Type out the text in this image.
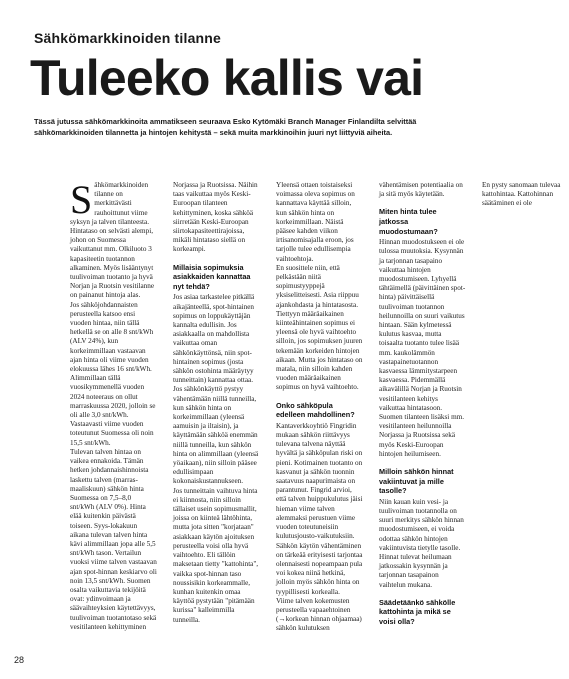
Sähkömarkkinoiden tilanne

Tuleeko kallis vai

Tässä jutussa sähkömarkkinoita ammatikseen seuraava Esko Kytömäki Branch Manager Finlandilta selvittää sähkömarkkinoiden tilannetta ja hintojen kehitystä – sekä muita markkinoihin juuri nyt liittyviä aiheita.

Sähkömarkkinoiden tilanne on merkittävästi rauhoittunut viime syksyn ja talven tilanteesta. Hintataso on selvästi alempi, johon on Suomessa vaikuttanut mm. Olkiluoto 3 kapasiteetin tuotannon alkaminen. Myös lisääntynyt tuulivoiman tuotanto ja hyvä Norjan ja Ruotsin vesitilanne on painanut hintoja alas.

Jos sähköjohdannaisten perusteella katsoo ensi vuoden hintaa, niin tällä hetkellä se on alle 8 snt/kWh (ALV 24%), kun korkeimmillaan vastaavan ajan hinta oli viime vuoden elokuussa lähes 16 snt/kWh. Alimmillaan tällä vuosikymmenellä vuoden 2024 noteeraus on ollut marraskuussa 2020, jolloin se oli alle 3,0 snt/kWh. Vastaavasti viime vuoden toteutunut Suomessa oli noin 15,5 snt/kWh.

Tulevan talven hintaa on vaikea ennakoida. Tämän hetken johdannaishinnoista laskettu talven (marras-maaliskuun) sähkön hinta Suomessa on 7,5–8,0 snt/kWh (ALV 0%). Hinta elää kuitenkin päivästä toiseen. Syys-lokakuun aikana tulevan talven hinta kävi alimmillaan jopa alle 5,5 snt/kWh tason. Vertailun vuoksi viime talven vastaavan ajan spot-hinnan keskiarvo oli noin 13,5 snt/kWh. Suomen osalta vaikuttavia tekijöitä ovat: ydinvoimaan ja säävaihteyksien käytettävyys, tuulivoiman tuotantotaso sekä vesitilanteen kehittyminen Norjassa ja Ruotsissa. Näihin taas vaikuttaa myös Keski-Euroopan tilanteen kehittyminen, koska sähköä siirretään Keski-Euroopan siirtokapasiteettirajoissa, mikäli hintataso siellä on korkeampi.

Millaisia sopimuksia asiakkaiden kannattaa nyt tehdä?

Jos asiaa tarkastelee pitkällä aikajänteellä, spot-hintainen sopimus on loppukäyttäjän kannalta edullisin. Jos asiakkaalla on mahdollista vaikuttaa oman sähkönkäyttönsä, niin spot-hintainen sopimus (josta sähkön ostohinta määräytyy tunneittain) kannattaa ottaa. Jos sähkönkäyttö pystyy vähentämään niillä tunneilla, kun sähkön hinta on korkeimmillaan (yleensä aamuisin ja iltaisin), ja käyttämään sähköä enemmän niillä tunneilla, kun sähkön hinta on alimmillaan (yleensä yöaikaan), niin silloin pääsee edullisimpaan kokonaiskustannukseen.

Jos tunneittain vaihtuva hinta ei kiinnosta, niin silloin tällaiset usein sopimusmallit, joissa on kiinteä lähtöhinta, mutta jota sitten "korjataan" asiakkaan käytön ajoituksen perusteella voisi olla hyvä vaihtoehto. Eli tällöin maksetaan tietty "kattohinta", vaikka spot-hinnan taso noussisikin korkeammalle, kunhan kuitenkin omaa käyttöä pystytään "pitämään kurissa" kalleimmilla tunneilla.

Yleensä ottaen toistaiseksi voimassa oleva sopimus on kannattava käyttää silloin, kun sähkön hinta on korkeimmillaan. Näistä pääsee kahden viikon irtisanomisajalla eroon, jos tarjolle tulee edullisempia vaihtoehtoja.

En suosittele niin, että pelkästään niitä sopimustyyppejä yksiselitteisesti. Asia riippuu ajankohdasta ja hintatasosta. Tiettyyn määräaikainen kiinteähintainen sopimus ei yleensä ole hyvä vaihtoehto silloin, jos sopimuksen juuren tekemään korkeiden hintojen aikaan. Mutta jos hintataso on matala, niin silloin kahden vuoden määräaikainen sopimus on hyvä vaihtoehto.

Onko sähköpula edelleen mahdollinen?

Kantaverkkoyhtiö Fingridin mukaan sähkön riittävyys tulevana talvena näyttää hyvältä ja sähköpulan riski on pieni. Kotimainen tuotanto on kasvanut ja sähkön tuonnin saatavuus naapurimaista on parantunut. Fingrid arvioi, että talven huippukulutus jäisi hieman viime talven alemmaksi perustuen viime vuoden toteutuneisiin kulutusjousto-vaikutuksiin. Sähkön käytön vähentäminen on tärkeää erityisesti tarjontaa olennaisesti nopeampaan pula voi kokea niinä hetkinä, jolloin myös sähkön hinta on tyypillisesti korkealla.

Viime talven kokemusten perusteella vapaaehtoinen (→korkean hinnan ohjaamaa) sähkön kulutuksen vähentämisen potentiaalia on ja sitä myös käytetään.

Miten hinta tulee jatkossa muodostumaan?

Hinnan muodostukseen ei ole tulossa muutoksia. Kysynnän ja tarjonnan tasapaino vaikuttaa hintojen muodostumiseen. Lyhyellä tähtäimellä (päivittäinen spot-hinta) päivittäisellä tuulivoiman tuotannon heilunnoilla on suuri vaikutus hintaan. Sään kylmetessä kulutus kasvaa, mutta toisaalta tuotanto tulee lisää mm. kaukolämmön vastapainetuotannon kasvaessa lämmitystarpeen kasvaessa. Pidemmällä aikavälillä Norjan ja Ruotsin vesitilanteen kehitys vaikuttaa hintatasoon. Suomen tilanteen lisäksi mm. vesitilanteen heilunnoilla Norjassa ja Ruotsissa sekä myös Keski-Euroopan hintojen heilumiseen.

Milloin sähkön hinnat vakiintuvat ja mille tasolle?

Niin kauan kuin vesi- ja tuulivoiman tuotannolla on suuri merkitys sähkön hinnan muodostumiseen, ei voida odottaa sähkön hintojen vakiintuvista tietylle tasolle. Hinnat tulevat heilumaan jatkossakin kysynnän ja tarjonnan tasapainon vaihtelun mukana.

Säädetäänkö sähkölle kattohinta ja mikä se voisi olla?

En pysty sanomaan tulevaa kattohintaa. Kattohinnan säätäminen ei ole

28
